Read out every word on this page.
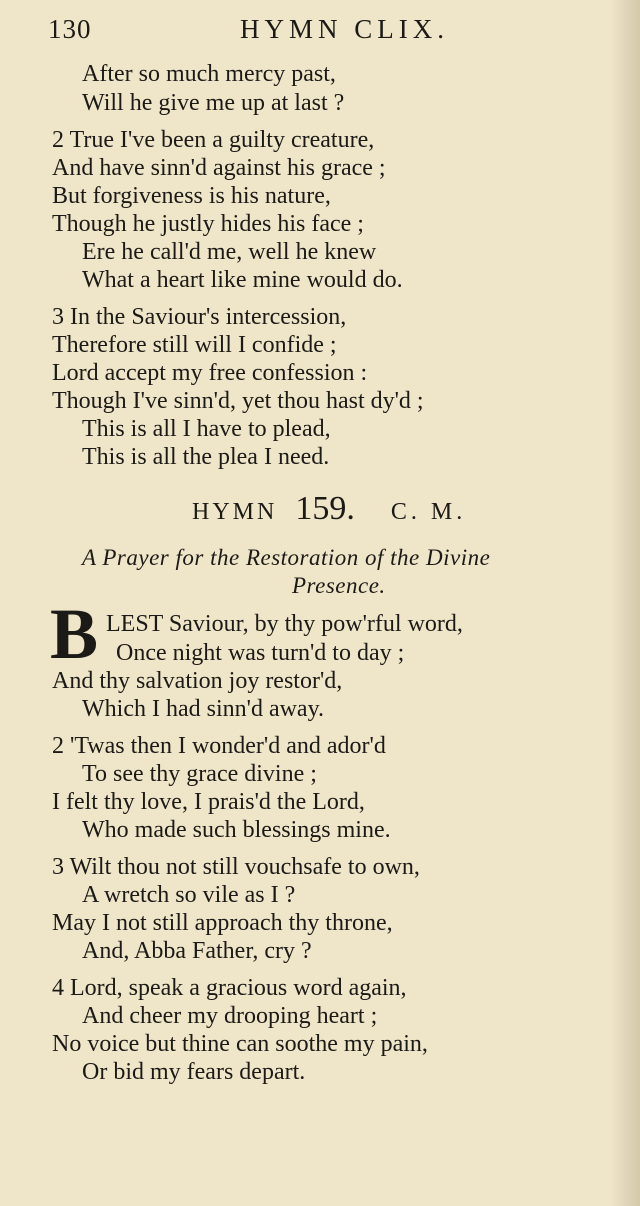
130	HYMN CLIX.
After so much mercy past,
Will he give me up at last ?
2 True I've been a guilty creature,
And have sinn'd against his grace ;
But forgiveness is his nature,
Though he justly hides his face ;
Ere he call'd me, well he knew
What a heart like mine would do.
3 In the Saviour's intercession,
Therefore still will I confide ;
Lord accept my free confession :
Though I've sinn'd, yet thou hast dy'd ;
This is all I have to plead,
This is all the plea I need.
HYMN 159. C. M.
A Prayer for the Restoration of the Divine
Presence.
B LEST Saviour, by thy pow'rful word,
Once night was turn'd to day ;
And thy salvation joy restor'd,
Which I had sinn'd away.
2 'Twas then I wonder'd and ador'd
To see thy grace divine ;
I felt thy love, I prais'd the Lord,
Who made such blessings mine.
3 Wilt thou not still vouchsafe to own,
A wretch so vile as I ?
May I not still approach thy throne,
And, Abba Father, cry ?
4 Lord, speak a gracious word again,
And cheer my drooping heart ;
No voice but thine can soothe my pain,
Or bid my fears depart.
